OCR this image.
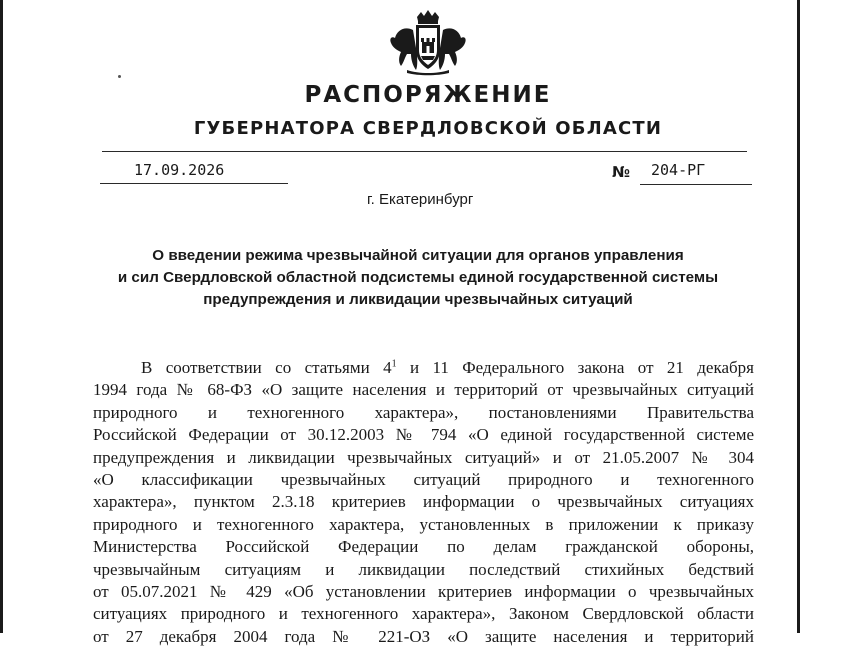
РАСПОРЯЖЕНИЕ
ГУБЕРНАТОРА СВЕРДЛОВСКОЙ ОБЛАСТИ
17.09.2026	№ 204-РГ
г. Екатеринбург

О введении режима чрезвычайной ситуации для органов управления
и сил Свердловской областной подсистемы единой государственной системы
предупреждения и ликвидации чрезвычайных ситуаций

В соответствии со статьями $4^1$ и 11 Федерального закона от 21 декабря
1994 года № 68-ФЗ «О защите населения и территорий от чрезвычайных ситуаций
природного и техногенного характера», постановлениями Правительства
Российской Федерации от 30.12.2003 № 794 «О единой государственной системе
предупреждения и ликвидации чрезвычайных ситуаций» и от 21.05.2007 № 304
«О классификации чрезвычайных ситуаций природного и техногенного
характера», пунктом 2.3.18 критериев информации о чрезвычайных ситуациях
природного и техногенного характера, установленных в приложении к приказу
Министерства Российской Федерации по делам гражданской обороны,
чрезвычайным ситуациям и ликвидации последствий стихийных бедствий
от 05.07.2021 № 429 «Об установлении критериев информации о чрезвычайных
ситуациях природного и техногенного характера», Законом Свердловской области
от 27 декабря 2004 года № 221-ОЗ «О защите населения и территорий
